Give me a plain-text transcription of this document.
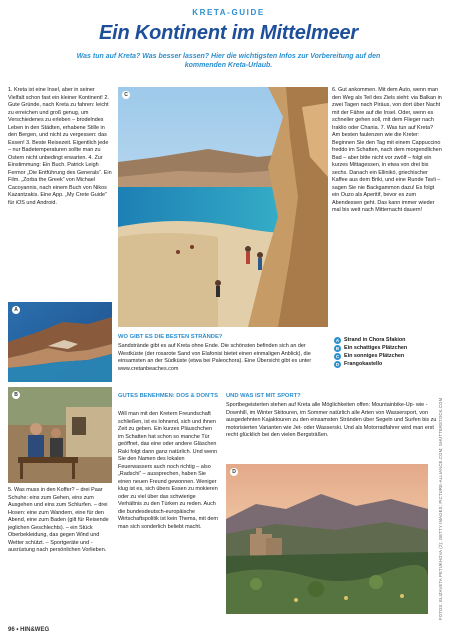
KRETA-GUIDE
Ein Kontinent im Mittelmeer
Was tun auf Kreta? Was besser lassen? Hier die wichtigsten Infos zur Vorbereitung auf den kommenden Kreta-Urlaub.
1. Kreta ist eine Insel, aber in seiner Vielfalt schon fast ein kleiner Kontinent! 2. Gute Gründe, nach Kreta zu fahren: leicht zu erreichen und groß genug, um Verschiedenes zu erleben – brodelndes Leben in den Städten, erhabene Stille in den Bergen, und nicht zu vergessen: das Essen! 3. Beste Reisezeit. Eigentlich jede – nur Badetemperaturen sollte man zu Ostern nicht unbedingt erwarten. 4. Zur Einstimmung: Ein Buch. Patrick Leigh Fermor „Die Entführung des Generals“. Ein Film. „Zorba the Greek“ von Michael Cacoyannis, nach einem Buch von Nikos Kazantzakis. Eine App. „My Crete Guide“ für iOS und Android.
A
B
5. Was muss in den Koffer? – drei Paar Schuhe: eins zum Gehen, eins zum Ausgehen und eins zum Schlurfen. – drei Hosen: eine zum Wandern, eine für den Abend, eine zum Baden (gilt für Reisende jeglichen Geschlechts). – ein Stück Oberbekleidung, das gegen Wind und Wetter schützt. – Sportgeräte und -ausrüstung nach persönlichen Vorlieben.
C
6. Gut ankommen. Mit dem Auto, wenn man den Weg als Teil des Ziels sieht: via Balkan in zwei Tagen nach Piräus, von dort über Nacht mit der Fähre auf die Insel. Oder, wenn es schneller gehen soll, mit dem Flieger nach Iraklio oder Chania. 7. Was tun auf Kreta? Am besten faulenzen wie die Kreter: Beginnen Sie den Tag mit einem Cappuccino freddo im Schatten, nach dem morgendlichen Bad – aber bitte nicht vor zwölf – folgt ein kurzes Mittagessen, in etwa von drei bis sechs. Danach ein Ellinikó, griechischer Kaffee aus dem Briki, und eine Runde Tavli – sagen Sie nie Backgammon dazu! Es folgt ein Ouzo als Aperitif, bevor es zum Abendessen geht. Das kann immer wieder mal bis weit nach Mitternacht dauern!
WO GIBT ES DIE BESTEN STRÄNDE?
Sandstrände gibt es auf Kreta ohne Ende. Die schönsten befinden sich an der Westküste (der rosarote Sand von Elafonisi bietet einen einmaligen Anblick), die einsamsten an der Südküste (etwa bei Paleochora). Eine Übersicht gibt es unter www.cretanbeaches.com
A Strand in Chora Sfakion
B Ein schattiges Plätzchen
C Ein sonniges Plätzchen
D Frangokastello
GUTES BENEHMEN: DOS & DON'TS
Will man mit den Kretern Freundschaft schließen, ist es lohnend, sich und ihnen Zeit zu geben. Ein kurzes Pläuschchen im Schatten hat schon so manche Tür geöffnet, das eine oder andere Gläschen Raki folgt dann ganz natürlich. Und wenn Sie den Namen des lokalen Feuerwassers auch noch richtig – also „Radschi“ – aussprechen, haben Sie einen neuen Freund gewonnen. Weniger klug ist es, sich übers Essen zu mokieren oder zu viel über das schwierige Verhältnis zu den Türken zu reden. Auch die bundesdeutsch-europäische Wirtschaftspolitik ist kein Thema, mit dem man sich sonderlich beliebt macht.
UND WAS IST MIT SPORT?
Sportbegeisterten stehen auf Kreta alle Möglichkeiten offen: Mountainbike-Up- wie -Downhill, im Winter Skitouren, im Sommer natürlich alle Arten von Wassersport, von ausgedehnten Kajaktouren zu den einsamsten Stränden über Segeln und Surfen bis zu motorisierten Varianten wie Jet- oder Wasserski. Und als Motorradfahrer wird man erst recht glücklich bei den vielen Bergsträßen.
D
96 • HIN&WEG
FOTOS: ELIZAVETA PETUKHOVA (2); GETTY IMAGES; PICTURE-ALLIANCE.COM; SHUTTERSTOCK.COM
